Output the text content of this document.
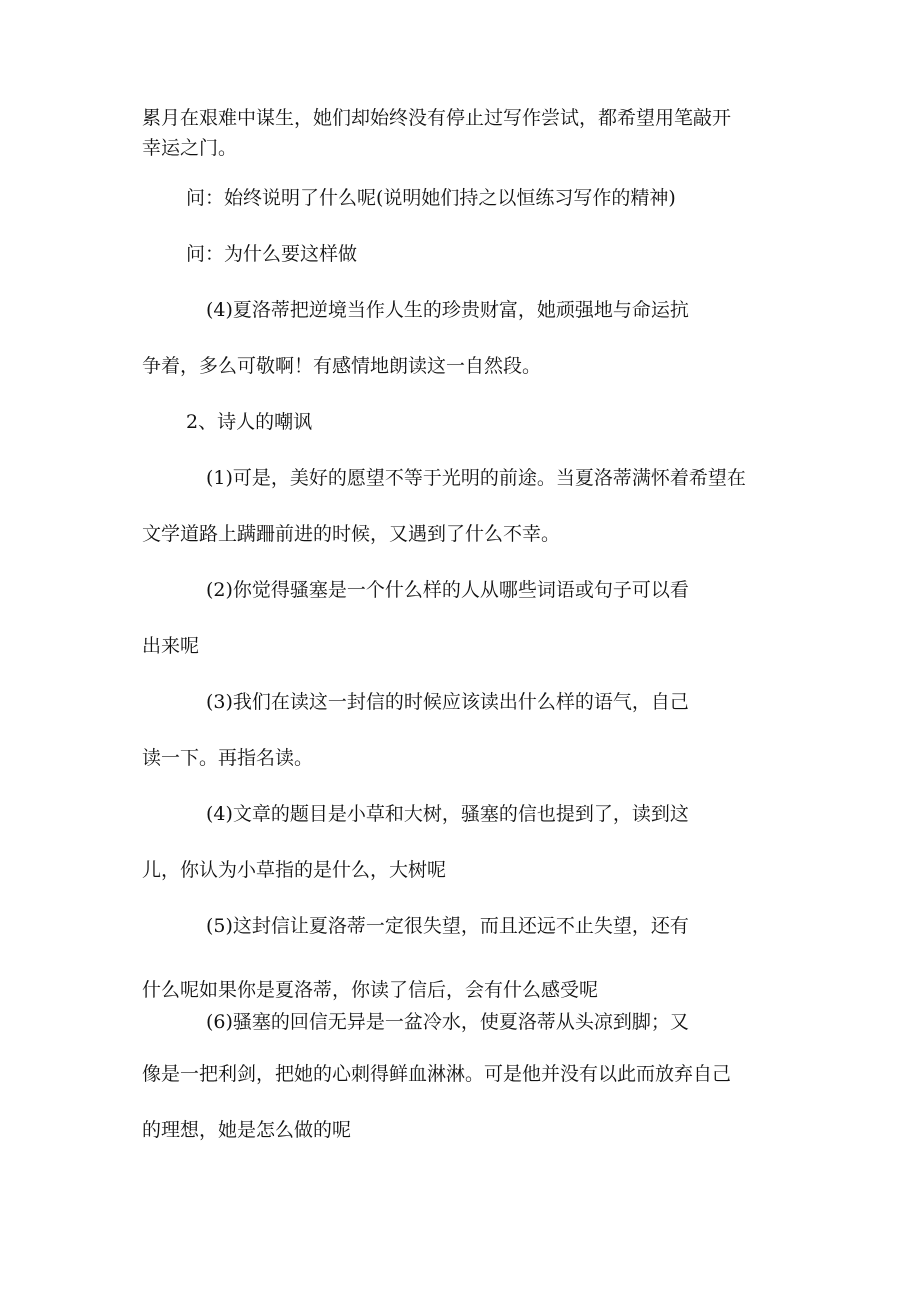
累月在艰难中谋生，她们却始终没有停止过写作尝试，都希望用笔敲开

幸运之门。

问：始终说明了什么呢(说明她们持之以恒练习写作的精神)

问：为什么要这样做

(4)夏洛蒂把逆境当作人生的珍贵财富，她顽强地与命运抗

争着，多么可敬啊！有感情地朗读这一自然段。

2、诗人的嘲讽

(1)可是，美好的愿望不等于光明的前途。当夏洛蒂满怀着希望在

文学道路上蹒跚前进的时候，又遇到了什么不幸。

(2)你觉得骚塞是一个什么样的人从哪些词语或句子可以看

出来呢

(3)我们在读这一封信的时候应该读出什么样的语气，自己

读一下。再指名读。

(4)文章的题目是小草和大树，骚塞的信也提到了，读到这

儿，你认为小草指的是什么，大树呢

(5)这封信让夏洛蒂一定很失望，而且还远不止失望，还有

什么呢如果你是夏洛蒂，你读了信后，会有什么感受呢

(6)骚塞的回信无异是一盆冷水，使夏洛蒂从头凉到脚；又

像是一把利剑，把她的心刺得鲜血淋淋。可是他并没有以此而放弃自己

的理想，她是怎么做的呢
